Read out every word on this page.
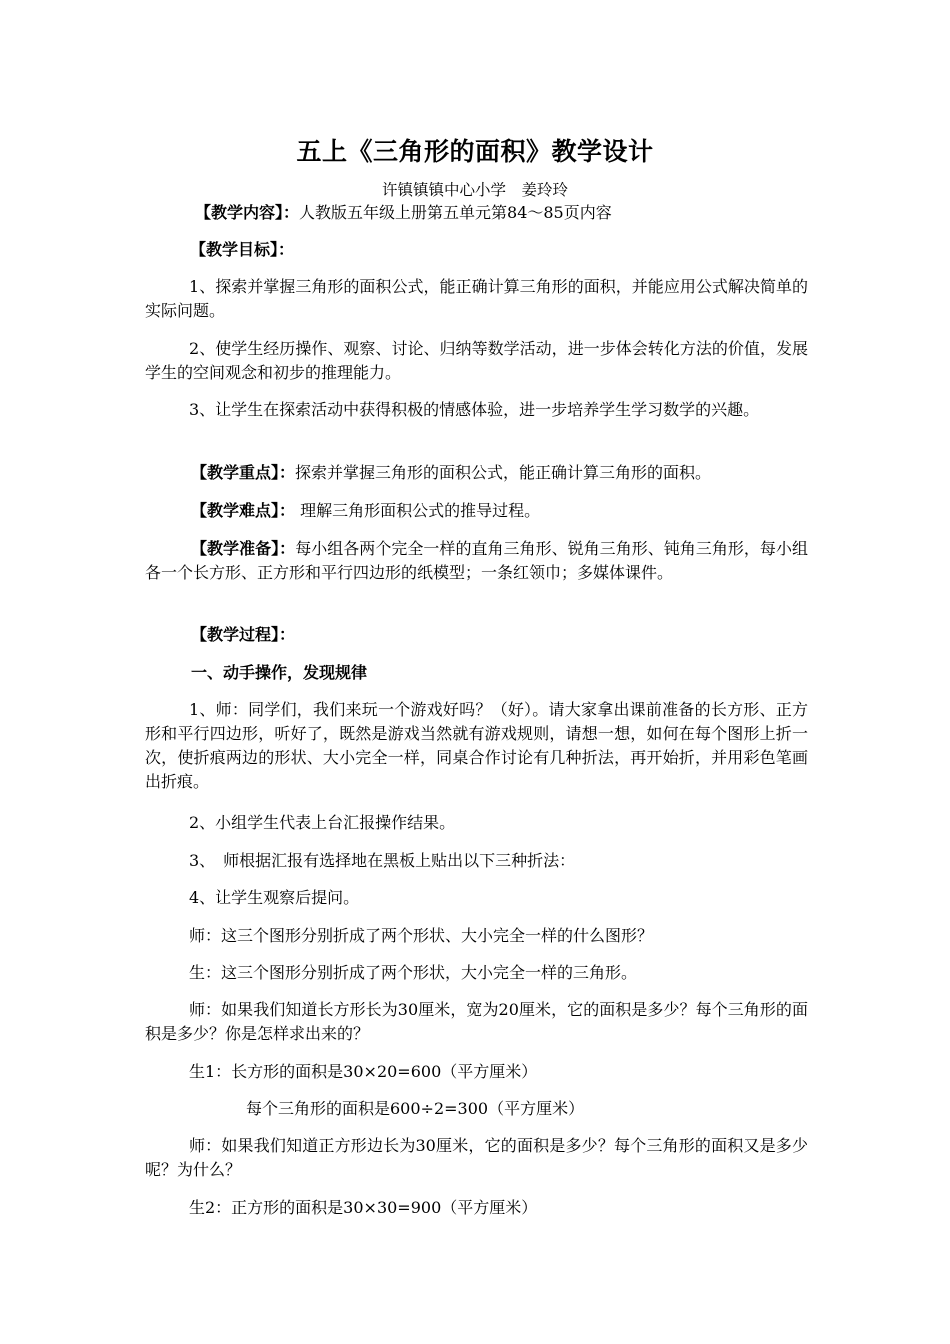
五上《三角形的面积》教学设计
许镇镇镇中心小学　姜玲玲

【教学内容】：人教版五年级上册第五单元第84～85页内容

【教学目标】：

1、探索并掌握三角形的面积公式，能正确计算三角形的面积，并能应用公式解决简单的实际问题。

2、使学生经历操作、观察、讨论、归纳等数学活动，进一步体会转化方法的价值，发展学生的空间观念和初步的推理能力。

3、让学生在探索活动中获得积极的情感体验，进一步培养学生学习数学的兴趣。

【教学重点】：探索并掌握三角形的面积公式，能正确计算三角形的面积。

【教学难点】： 理解三角形面积公式的推导过程。

【教学准备】：每小组各两个完全一样的直角三角形、锐角三角形、钝角三角形，每小组各一个长方形、正方形和平行四边形的纸模型；一条红领巾；多媒体课件。

【教学过程】：

一、动手操作，发现规律

1、师：同学们，我们来玩一个游戏好吗？（好）。请大家拿出课前准备的长方形、正方形和平行四边形，听好了，既然是游戏当然就有游戏规则，请想一想，如何在每个图形上折一次，使折痕两边的形状、大小完全一样，同桌合作讨论有几种折法，再开始折，并用彩色笔画出折痕。

2、小组学生代表上台汇报操作结果。

3、　师根据汇报有选择地在黑板上贴出以下三种折法：

4、让学生观察后提问。

师：这三个图形分别折成了两个形状、大小完全一样的什么图形？

生：这三个图形分别折成了两个形状，大小完全一样的三角形。

师：如果我们知道长方形长为30厘米，宽为20厘米，它的面积是多少？每个三角形的面积是多少？你是怎样求出来的？

生1：长方形的面积是30×20=600（平方厘米）

每个三角形的面积是600÷2=300（平方厘米）

师：如果我们知道正方形边长为30厘米，它的面积是多少？每个三角形的面积又是多少呢？为什么？

生2：正方形的面积是30×30=900（平方厘米）
